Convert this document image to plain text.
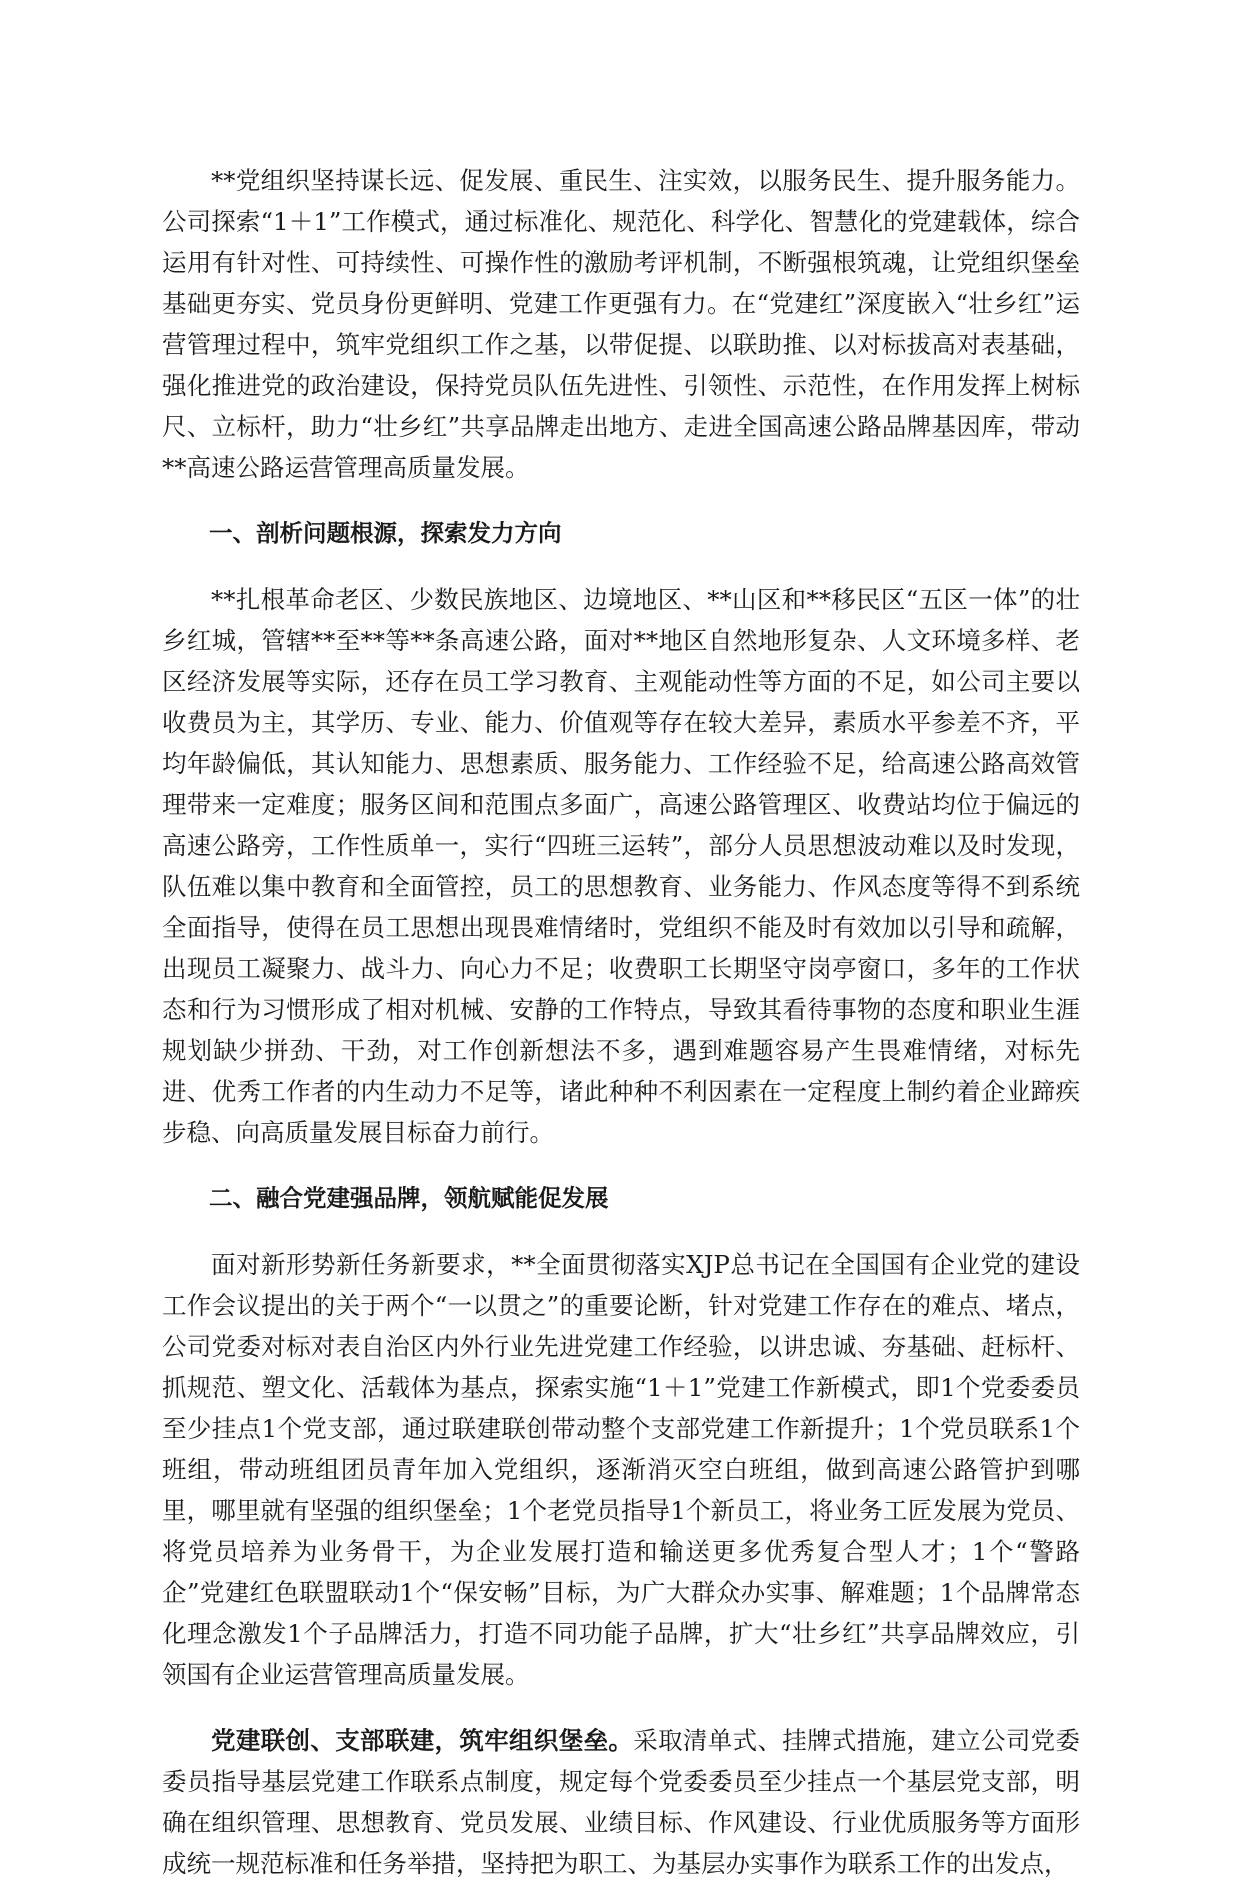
**党组织坚持谋长远、促发展、重民生、注实效，以服务民生、提升服务能力。公司探索“1＋1”工作模式，通过标准化、规范化、科学化、智慧化的党建载体，综合运用有针对性、可持续性、可操作性的激励考评机制，不断强根筑魂，让党组织堡垒基础更夯实、党员身份更鲜明、党建工作更强有力。在“党建红”深度嵌入“壮乡红”运营管理过程中，筑牢党组织工作之基，以带促提、以联助推、以对标拔高对表基础，强化推进党的政治建设，保持党员队伍先进性、引领性、示范性，在作用发挥上树标尺、立标杆，助力“壮乡红”共享品牌走出地方、走进全国高速公路品牌基因库，带动**高速公路运营管理高质量发展。

一、剖析问题根源，探索发力方向

**扎根革命老区、少数民族地区、边境地区、**山区和**移民区“五区一体”的壮乡红城，管辖**至**等**条高速公路，面对**地区自然地形复杂、人文环境多样、老区经济发展等实际，还存在员工学习教育、主观能动性等方面的不足，如公司主要以收费员为主，其学历、专业、能力、价值观等存在较大差异，素质水平参差不齐，平均年龄偏低，其认知能力、思想素质、服务能力、工作经验不足，给高速公路高效管理带来一定难度；服务区间和范围点多面广，高速公路管理区、收费站均位于偏远的高速公路旁，工作性质单一，实行“四班三运转”，部分人员思想波动难以及时发现，队伍难以集中教育和全面管控，员工的思想教育、业务能力、作风态度等得不到系统全面指导，使得在员工思想出现畏难情绪时，党组织不能及时有效加以引导和疏解，出现员工凝聚力、战斗力、向心力不足；收费职工长期坚守岗亭窗口，多年的工作状态和行为习惯形成了相对机械、安静的工作特点，导致其看待事物的态度和职业生涯规划缺少拼劲、干劲，对工作创新想法不多，遇到难题容易产生畏难情绪，对标先进、优秀工作者的内生动力不足等，诸此种种不利因素在一定程度上制约着企业蹄疾步稳、向高质量发展目标奋力前行。

二、融合党建强品牌，领航赋能促发展

面对新形势新任务新要求，**全面贯彻落实XJP总书记在全国国有企业党的建设工作会议提出的关于两个“一以贯之”的重要论断，针对党建工作存在的难点、堵点，公司党委对标对表自治区内外行业先进党建工作经验，以讲忠诚、夯基础、赶标杆、抓规范、塑文化、活载体为基点，探索实施“1＋1”党建工作新模式，即1个党委委员至少挂点1个党支部，通过联建联创带动整个支部党建工作新提升；1个党员联系1个班组，带动班组团员青年加入党组织，逐渐消灭空白班组，做到高速公路管护到哪里，哪里就有坚强的组织堡垒；1个老党员指导1个新员工，将业务工匠发展为党员、将党员培养为业务骨干，为企业发展打造和输送更多优秀复合型人才；1个“警路企”党建红色联盟联动1个“保安畅”目标，为广大群众办实事、解难题；1个品牌常态化理念激发1个子品牌活力，打造不同功能子品牌，扩大“壮乡红”共享品牌效应，引领国有企业运营管理高质量发展。

党建联创、支部联建，筑牢组织堡垒。采取清单式、挂牌式措施，建立公司党委委员指导基层党建工作联系点制度，规定每个党委委员至少挂点一个基层党支部，明确在组织管理、思想教育、党员发展、业绩目标、作风建设、行业优质服务等方面形成统一规范标准和任务举措，坚持把为职工、为基层办实事作为联系工作的出发点，
